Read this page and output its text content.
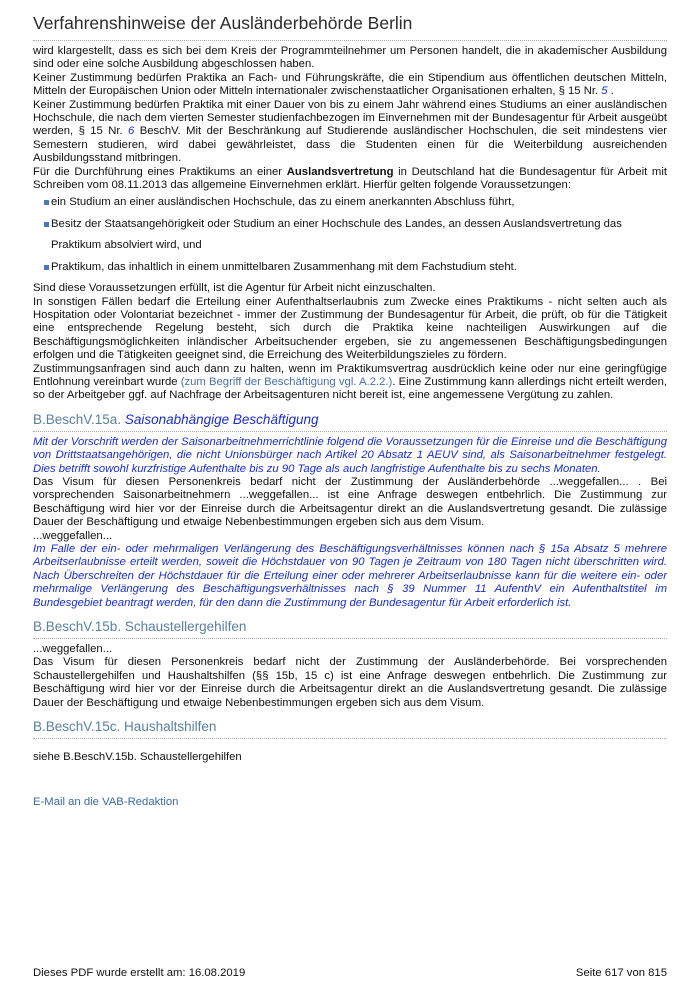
Verfahrenshinweise der Ausländerbehörde Berlin

wird klargestellt, dass es sich bei dem Kreis der Programmteilnehmer um Personen handelt, die in akademischer Ausbildung sind oder eine solche Ausbildung abgeschlossen haben.

Keiner Zustimmung bedürfen Praktika an Fach- und Führungskräfte, die ein Stipendium aus öffentlichen deutschen Mitteln, Mitteln der Europäischen Union oder Mitteln internationaler zwischenstaatlicher Organisationen erhalten, § 15 Nr. 5 .

Keiner Zustimmung bedürfen Praktika mit einer Dauer von bis zu einem Jahr während eines Studiums an einer ausländischen Hochschule, die nach dem vierten Semester studienfachbezogen im Einvernehmen mit der Bundesagentur für Arbeit ausgeübt werden, § 15 Nr. 6 BeschV. Mit der Beschränkung auf Studierende ausländischer Hochschulen, die seit mindestens vier Semestern studieren, wird dabei gewährleistet, dass die Studenten einen für die Weiterbildung ausreichenden Ausbildungsstand mitbringen.

Für die Durchführung eines Praktikums an einer Auslandsvertretung in Deutschland hat die Bundesagentur für Arbeit mit Schreiben vom 08.11.2013 das allgemeine Einvernehmen erklärt. Hierfür gelten folgende Voraussetzungen:

ein Studium an einer ausländischen Hochschule, das zu einem anerkannten Abschluss führt,
Besitz der Staatsangehörigkeit oder Studium an einer Hochschule des Landes, an dessen Auslandsvertretung das
Praktikum absolviert wird, und
Praktikum, das inhaltlich in einem unmittelbaren Zusammenhang mit dem Fachstudium steht.

Sind diese Voraussetzungen erfüllt, ist die Agentur für Arbeit nicht einzuschalten.

In sonstigen Fällen bedarf die Erteilung einer Aufenthaltserlaubnis zum Zwecke eines Praktikums - nicht selten auch als Hospitation oder Volontariat bezeichnet - immer der Zustimmung der Bundesagentur für Arbeit, die prüft, ob für die Tätigkeit eine entsprechende Regelung besteht, sich durch die Praktika keine nachteiligen Auswirkungen auf die Beschäftigungsmöglichkeiten inländischer Arbeitsuchender ergeben, sie zu angemessenen Beschäftigungsbedingungen erfolgen und die Tätigkeiten geeignet sind, die Erreichung des Weiterbildungszieles zu fördern.

Zustimmungsanfragen sind auch dann zu halten, wenn im Praktikumsvertrag ausdrücklich keine oder nur eine geringfügige Entlohnung vereinbart wurde (zum Begriff der Beschäftigung vgl. A.2.2.). Eine Zustimmung kann allerdings nicht erteilt werden, so der Arbeitgeber ggf. auf Nachfrage der Arbeitsagenturen nicht bereit ist, eine angemessene Vergütung zu zahlen.

B.BeschV.15a. Saisonabhängige Beschäftigung

Mit der Vorschrift werden der Saisonarbeitnehmerrichtlinie folgend die Voraussetzungen für die Einreise und die Beschäftigung von Drittstaatsangehörigen, die nicht Unionsbürger nach Artikel 20 Absatz 1 AEUV sind, als Saisonarbeitnehmer festgelegt. Dies betrifft sowohl kurzfristige Aufenthalte bis zu 90 Tage als auch langfristige Aufenthalte bis zu sechs Monaten.

Das Visum für diesen Personenkreis bedarf nicht der Zustimmung der Ausländerbehörde ...weggefallen... . Bei vorsprechenden Saisonarbeitnehmern ...weggefallen... ist eine Anfrage deswegen entbehrlich. Die Zustimmung zur Beschäftigung wird hier vor der Einreise durch die Arbeitsagentur direkt an die Auslandsvertretung gesandt. Die zulässige Dauer der Beschäftigung und etwaige Nebenbestimmungen ergeben sich aus dem Visum.

...weggefallen...

Im Falle der ein- oder mehrmaligen Verlängerung des Beschäftigungsverhältnisses können nach § 15a Absatz 5 mehrere Arbeitserlaubnisse erteilt werden, soweit die Höchstdauer von 90 Tagen je Zeitraum von 180 Tagen nicht überschritten wird. Nach Überschreiten der Höchstdauer für die Erteilung einer oder mehrerer Arbeitserlaubnisse kann für die weitere ein- oder mehrmalige Verlängerung des Beschäftigungsverhältnisses nach § 39 Nummer 11 AufenthV ein Aufenthaltstitel im Bundesgebiet beantragt werden, für den dann die Zustimmung der Bundesagentur für Arbeit erforderlich ist.

B.BeschV.15b. Schaustellergehilfen

...weggefallen...

Das Visum für diesen Personenkreis bedarf nicht der Zustimmung der Ausländerbehörde. Bei vorsprechenden Schaustellergehilfen und Haushaltshilfen (§§ 15b, 15 c) ist eine Anfrage deswegen entbehrlich. Die Zustimmung zur Beschäftigung wird hier vor der Einreise durch die Arbeitsagentur direkt an die Auslandsvertretung gesandt. Die zulässige Dauer der Beschäftigung und etwaige Nebenbestimmungen ergeben sich aus dem Visum.

B.BeschV.15c. Haushaltshilfen

siehe B.BeschV.15b. Schaustellergehilfen

E-Mail an die VAB-Redaktion
Dieses PDF wurde erstellt am: 16.08.2019	Seite 617 von 815
